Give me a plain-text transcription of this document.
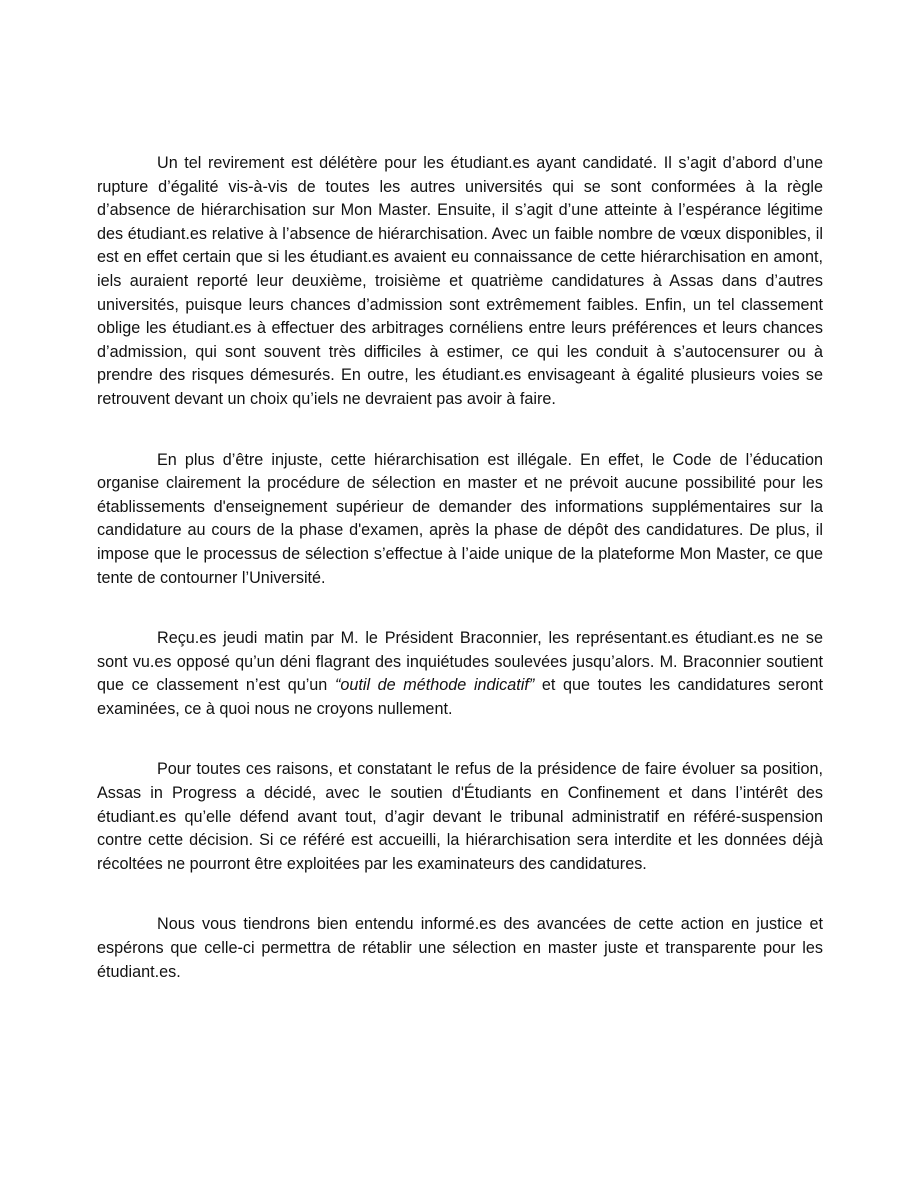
Un tel revirement est délétère pour les étudiant.es ayant candidaté. Il s’agit d’abord d’une rupture d’égalité vis-à-vis de toutes les autres universités qui se sont conformées à la règle d’absence de hiérarchisation sur Mon Master. Ensuite, il s’agit d’une atteinte à l’espérance légitime des étudiant.es relative à l’absence de hiérarchisation. Avec un faible nombre de vœux disponibles, il est en effet certain que si les étudiant.es avaient eu connaissance de cette hiérarchisation en amont, iels auraient reporté leur deuxième, troisième et quatrième candidatures à Assas dans d’autres universités, puisque leurs chances d’admission sont extrêmement faibles. Enfin, un tel classement oblige les étudiant.es à effectuer des arbitrages cornéliens entre leurs préférences et leurs chances d’admission, qui sont souvent très difficiles à estimer, ce qui les conduit à s’autocensurer ou à prendre des risques démesurés. En outre, les étudiant.es envisageant à égalité plusieurs voies se retrouvent devant un choix qu’iels ne devraient pas avoir à faire.

En plus d’être injuste, cette hiérarchisation est illégale. En effet, le Code de l’éducation organise clairement la procédure de sélection en master et ne prévoit aucune possibilité pour les établissements d'enseignement supérieur de demander des informations supplémentaires sur la candidature au cours de la phase d'examen, après la phase de dépôt des candidatures. De plus, il impose que le processus de sélection s’effectue à l’aide unique de la plateforme Mon Master, ce que tente de contourner l’Université.

Reçu.es jeudi matin par M. le Président Braconnier, les représentant.es étudiant.es ne se sont vu.es opposé qu’un déni flagrant des inquiétudes soulevées jusqu’alors. M. Braconnier soutient que ce classement n’est qu’un “outil de méthode indicatif” et que toutes les candidatures seront examinées, ce à quoi nous ne croyons nullement.

Pour toutes ces raisons, et constatant le refus de la présidence de faire évoluer sa position, Assas in Progress a décidé, avec le soutien d'Étudiants en Confinement et dans l’intérêt des étudiant.es qu’elle défend avant tout, d’agir devant le tribunal administratif en référé-suspension contre cette décision. Si ce référé est accueilli, la hiérarchisation sera interdite et les données déjà récoltées ne pourront être exploitées par les examinateurs des candidatures.

Nous vous tiendrons bien entendu informé.es des avancées de cette action en justice et espérons que celle-ci permettra de rétablir une sélection en master juste et transparente pour les étudiant.es.
